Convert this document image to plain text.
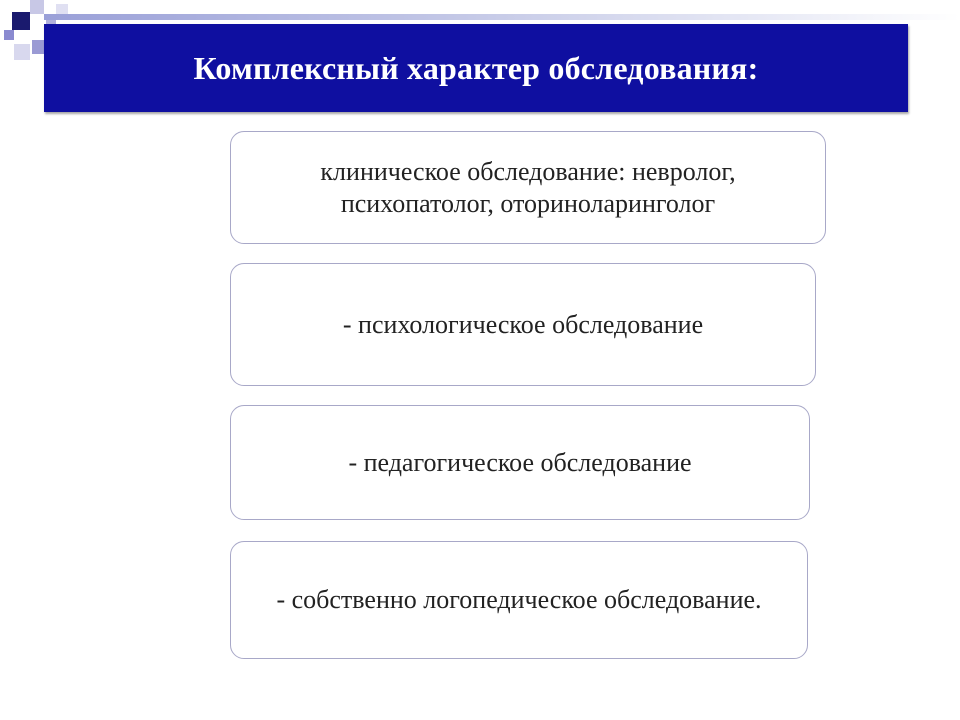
Комплексный характер обследования:
клиническое обследование: невролог, психопатолог, оториноларинголог
- психологическое обследование
- педагогическое обследование
- собственно логопедическое обследование.
